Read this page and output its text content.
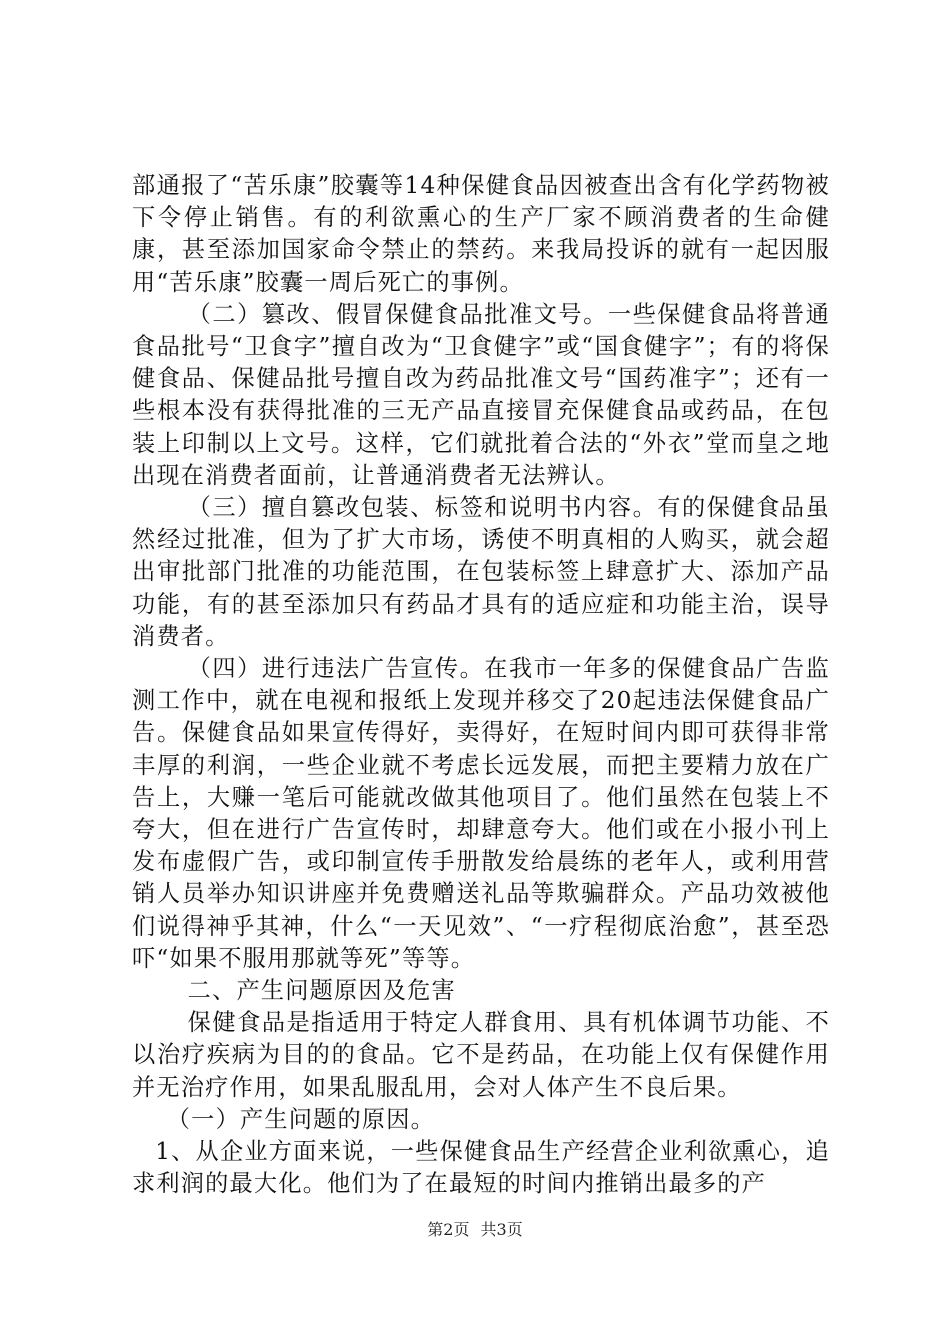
部通报了“苦乐康”胶囊等14种保健食品因被查出含有化学药物被下令停止销售。有的利欲熏心的生产厂家不顾消费者的生命健康，甚至添加国家命令禁止的禁药。来我局投诉的就有一起因服用“苦乐康”胶囊一周后死亡的事例。

（二）篡改、假冒保健食品批准文号。一些保健食品将普通食品批号“卫食字”擅自改为“卫食健字”或“国食健字”；有的将保健食品、保健品批号擅自改为药品批准文号“国药准字”；还有一些根本没有获得批准的三无产品直接冒充保健食品或药品，在包装上印制以上文号。这样，它们就批着合法的“外衣”堂而皇之地出现在消费者面前，让普通消费者无法辨认。

（三）擅自篡改包装、标签和说明书内容。有的保健食品虽然经过批准，但为了扩大市场，诱使不明真相的人购买，就会超出审批部门批准的功能范围，在包装标签上肆意扩大、添加产品功能，有的甚至添加只有药品才具有的适应症和功能主治，误导消费者。

（四）进行违法广告宣传。在我市一年多的保健食品广告监测工作中，就在电视和报纸上发现并移交了20起违法保健食品广告。保健食品如果宣传得好，卖得好，在短时间内即可获得非常丰厚的利润，一些企业就不考虑长远发展，而把主要精力放在广告上，大赚一笔后可能就改做其他项目了。他们虽然在包装上不夸大，但在进行广告宣传时，却肆意夸大。他们或在小报小刊上发布虚假广告，或印制宣传手册散发给晨练的老年人，或利用营销人员举办知识讲座并免费赠送礼品等欺骗群众。产品功效被他们说得神乎其神，什么“一天见效”、“一疗程彻底治愈”，甚至恐吓“如果不服用那就等死”等等。

二、产生问题原因及危害

保健食品是指适用于特定人群食用、具有机体调节功能、不以治疗疾病为目的的食品。它不是药品，在功能上仅有保健作用并无治疗作用，如果乱服乱用，会对人体产生不良后果。

（一）产生问题的原因。

1、从企业方面来说，一些保健食品生产经营企业利欲熏心，追求利润的最大化。他们为了在最短的时间内推销出最多的产

第2页 共3页
